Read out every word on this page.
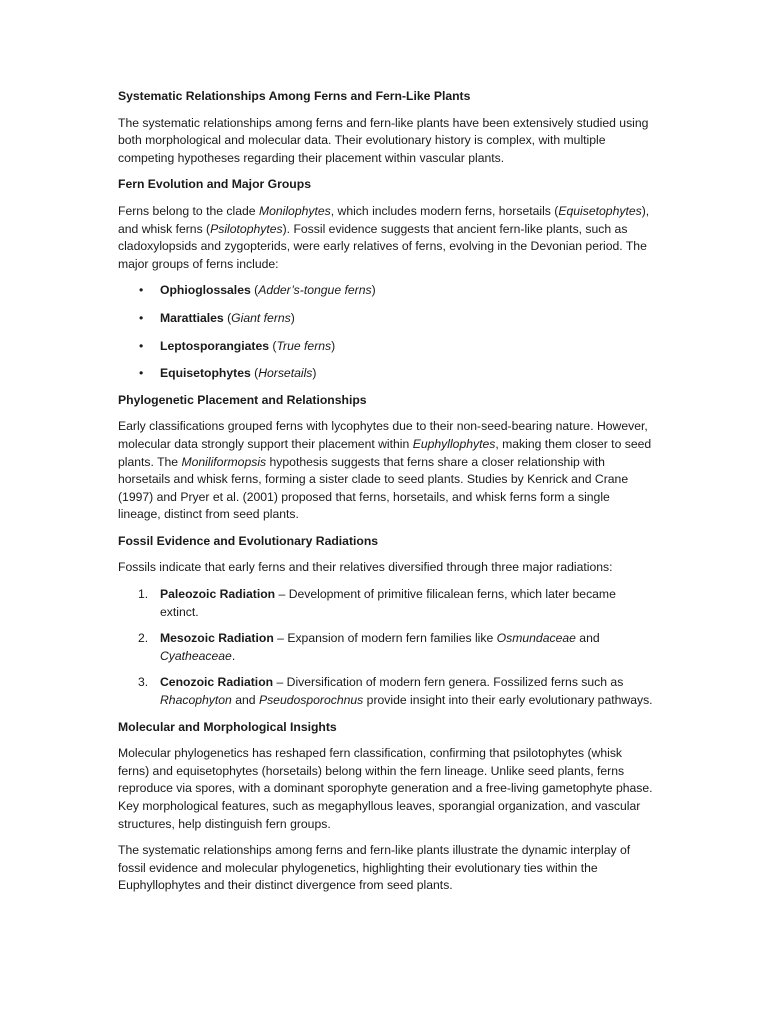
Systematic Relationships Among Ferns and Fern-Like Plants

The systematic relationships among ferns and fern-like plants have been extensively studied using both morphological and molecular data. Their evolutionary history is complex, with multiple competing hypotheses regarding their placement within vascular plants.

Fern Evolution and Major Groups

Ferns belong to the clade Monilophytes, which includes modern ferns, horsetails (Equisetophytes), and whisk ferns (Psilotophytes). Fossil evidence suggests that ancient fern-like plants, such as cladoxylopsids and zygopterids, were early relatives of ferns, evolving in the Devonian period. The major groups of ferns include:

• Ophioglossales (Adder’s-tongue ferns)
• Marattiales (Giant ferns)
• Leptosporangiates (True ferns)
• Equisetophytes (Horsetails)
Phylogenetic Placement and Relationships

Early classifications grouped ferns with lycophytes due to their non-seed-bearing nature. However, molecular data strongly support their placement within Euphyllophytes, making them closer to seed plants. The Moniliformopsis hypothesis suggests that ferns share a closer relationship with horsetails and whisk ferns, forming a sister clade to seed plants. Studies by Kenrick and Crane (1997) and Pryer et al. (2001) proposed that ferns, horsetails, and whisk ferns form a single lineage, distinct from seed plants.

Fossil Evidence and Evolutionary Radiations

Fossils indicate that early ferns and their relatives diversified through three major radiations:

1. Paleozoic Radiation – Development of primitive filicalean ferns, which later became extinct.
2. Mesozoic Radiation – Expansion of modern fern families like Osmundaceae and Cyatheaceae.
3. Cenozoic Radiation – Diversification of modern fern genera. Fossilized ferns such as Rhacophyton and Pseudosporochnus provide insight into their early evolutionary pathways.
Molecular and Morphological Insights

Molecular phylogenetics has reshaped fern classification, confirming that psilotophytes (whisk ferns) and equisetophytes (horsetails) belong within the fern lineage. Unlike seed plants, ferns reproduce via spores, with a dominant sporophyte generation and a free-living gametophyte phase. Key morphological features, such as megaphyllous leaves, sporangial organization, and vascular structures, help distinguish fern groups.

The systematic relationships among ferns and fern-like plants illustrate the dynamic interplay of fossil evidence and molecular phylogenetics, highlighting their evolutionary ties within the Euphyllophytes and their distinct divergence from seed plants.
